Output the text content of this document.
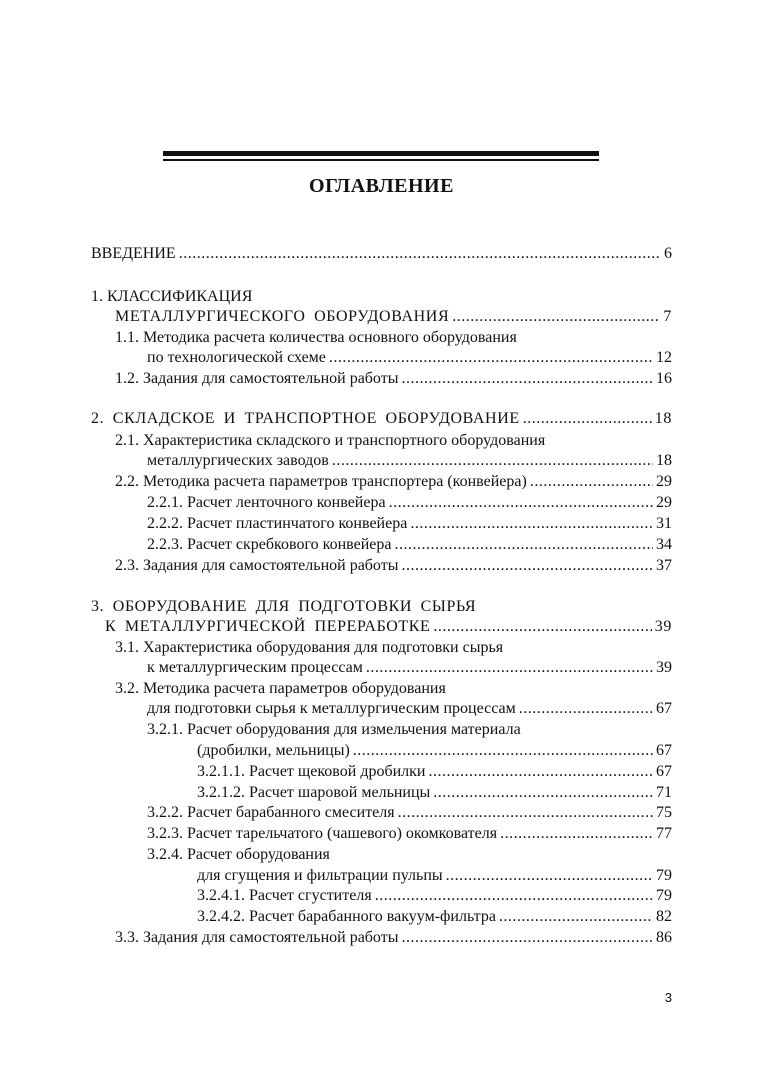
ОГЛАВЛЕНИЕ
ВВЕДЕНИЕ .....	6
1. КЛАССИФИКАЦИЯ
МЕТАЛЛУРГИЧЕСКОГО ОБОРУДОВАНИЯ .....	7
1.1. Методика расчета количества основного оборудования
по технологической схеме .....	12
1.2. Задания для самостоятельной работы .....	16
2. СКЛАДСКОЕ И ТРАНСПОРТНОЕ ОБОРУДОВАНИЕ .....	18
2.1. Характеристика складского и транспортного оборудования
металлургических заводов .....	18
2.2. Методика расчета параметров транспортера (конвейера) .....	29
2.2.1. Расчет ленточного конвейера .....	29
2.2.2. Расчет пластинчатого конвейера .....	31
2.2.3. Расчет скребкового конвейера .....	34
2.3. Задания для самостоятельной работы .....	37
3. ОБОРУДОВАНИЕ ДЛЯ ПОДГОТОВКИ СЫРЬЯ
К МЕТАЛЛУРГИЧЕСКОЙ ПЕРЕРАБОТКЕ .....	39
3.1. Характеристика оборудования для подготовки сырья
к металлургическим процессам .....	39
3.2. Методика расчета параметров оборудования
для подготовки сырья к металлургическим процессам .....	67
3.2.1. Расчет оборудования для измельчения материала
(дробилки, мельницы) .....	67
3.2.1.1. Расчет щековой дробилки .....	67
3.2.1.2. Расчет шаровой мельницы .....	71
3.2.2. Расчет барабанного смесителя .....	75
3.2.3. Расчет тарельчатого (чашевого) окомкователя .....	77
3.2.4. Расчет оборудования
для сгущения и фильтрации пульпы .....	79
3.2.4.1. Расчет сгустителя .....	79
3.2.4.2. Расчет барабанного вакуум-фильтра .....	82
3.3. Задания для самостоятельной работы .....	86
3
